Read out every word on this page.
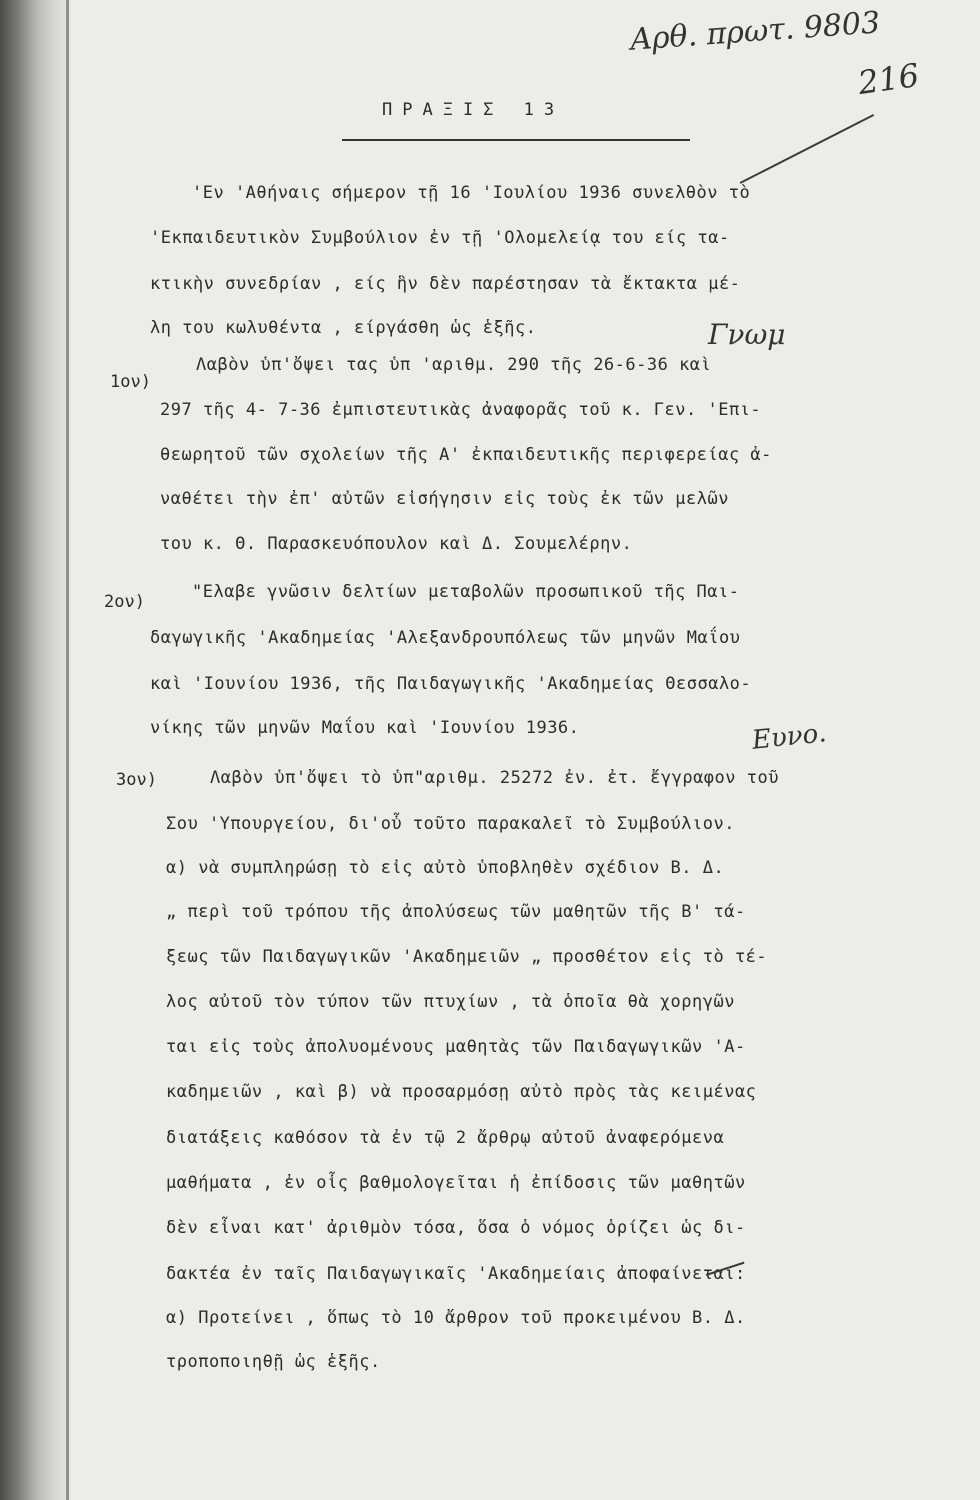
Αρθ. πρωτ. 9803
216
ΠΡΑΞΙΣ 13
'Εν 'Αθήναις σήμερον τῇ 16 'Ιουλίου 1936 συνελθὸν τὸ
'Εκπαιδευτικὸν Συμβούλιον ἐν τῇ 'Ολομελείᾳ του είς τα-
κτικὴν συνεδρίαν , είς ἣν δὲν παρέστησαν τὰ ἔκτακτα μέ-
λη του κωλυθέντα , είργάσθη ὡς ἑξῆς.	Γνωμ
1ον)
Λαβὸν ὑπ'ὄψει τας ὑπ 'αριθμ. 290 τῆς 26-6-36 καὶ
297 τῆς 4- 7-36 ἐμπιστευτικὰς ἀναφορᾶς τοῦ κ. Γεν. 'Επι-
θεωρητοῦ τῶν σχολείων τῆς Α' ἐκπαιδευτικῆς περιφερείας ἀ-
ναθέτει τὴν ἐπ' αὐτῶν εἰσήγησιν εἰς τοὺς ἐκ τῶν μελῶν
του κ. Θ. Παρασκευόπουλον καὶ Δ. Σουμελέρην.
2ον)	"Ελαβε γνῶσιν δελτίων μεταβολῶν προσωπικοῦ τῆς Παι-
δαγωγικῆς 'Ακαδημείας 'Αλεξανδρουπόλεως τῶν μηνῶν Μαΐου
καὶ 'Ιουνίου 1936, τῆς Παιδαγωγικῆς 'Ακαδημείας Θεσσαλο-
νίκης τῶν μηνῶν Μαΐου καὶ 'Ιουνίου 1936.	Ευνο.
3ον)	Λαβὸν ὑπ'ὄψει τὸ ὑπ"αριθμ. 25272 ἐν. ἐτ. ἔγγραφον τοῦ
Σου 'Υπουργείου, δι'οὗ τοῦτο παρακαλεῖ τὸ Συμβούλιον.
α) νὰ συμπληρώσῃ τὸ εἰς αὐτὸ ὑποβληθὲν σχέδιον Β. Δ.
„ περὶ τοῦ τρόπου τῆς ἀπολύσεως τῶν μαθητῶν τῆς Β' τά-
ξεως τῶν Παιδαγωγικῶν 'Ακαδημειῶν „ προσθέτον εἰς τὸ τέ-
λος αὐτοῦ τὸν τύπον τῶν πτυχίων , τὰ ὁποῖα θὰ χορηγῶν
ται εἰς τοὺς ἀπολυομένους μαθητὰς τῶν Παιδαγωγικῶν 'Α-
καδημειῶν , καὶ β) νὰ προσαρμόσῃ αὐτὸ πρὸς τὰς κειμένας
διατάξεις καθόσον τὰ ἐν τῷ 2 ἄρθρῳ αὐτοῦ ἀναφερόμενα
μαθήματα , ἐν οἷς βαθμολογεῖται ἡ ἐπίδοσις τῶν μαθητῶν
δὲν εἶναι κατ' ἀριθμὸν τόσα, ὅσα ὁ νόμος ὁρίζει ὡς δι-
δακτέα ἐν ταῖς Παιδαγωγικαῖς 'Ακαδημείαις ἀποφαίνεται:
α) Προτείνει , ὅπως τὸ 10 ἄρθρον τοῦ προκειμένου Β. Δ.
τροποποιηθῇ ὡς ἑξῆς.
